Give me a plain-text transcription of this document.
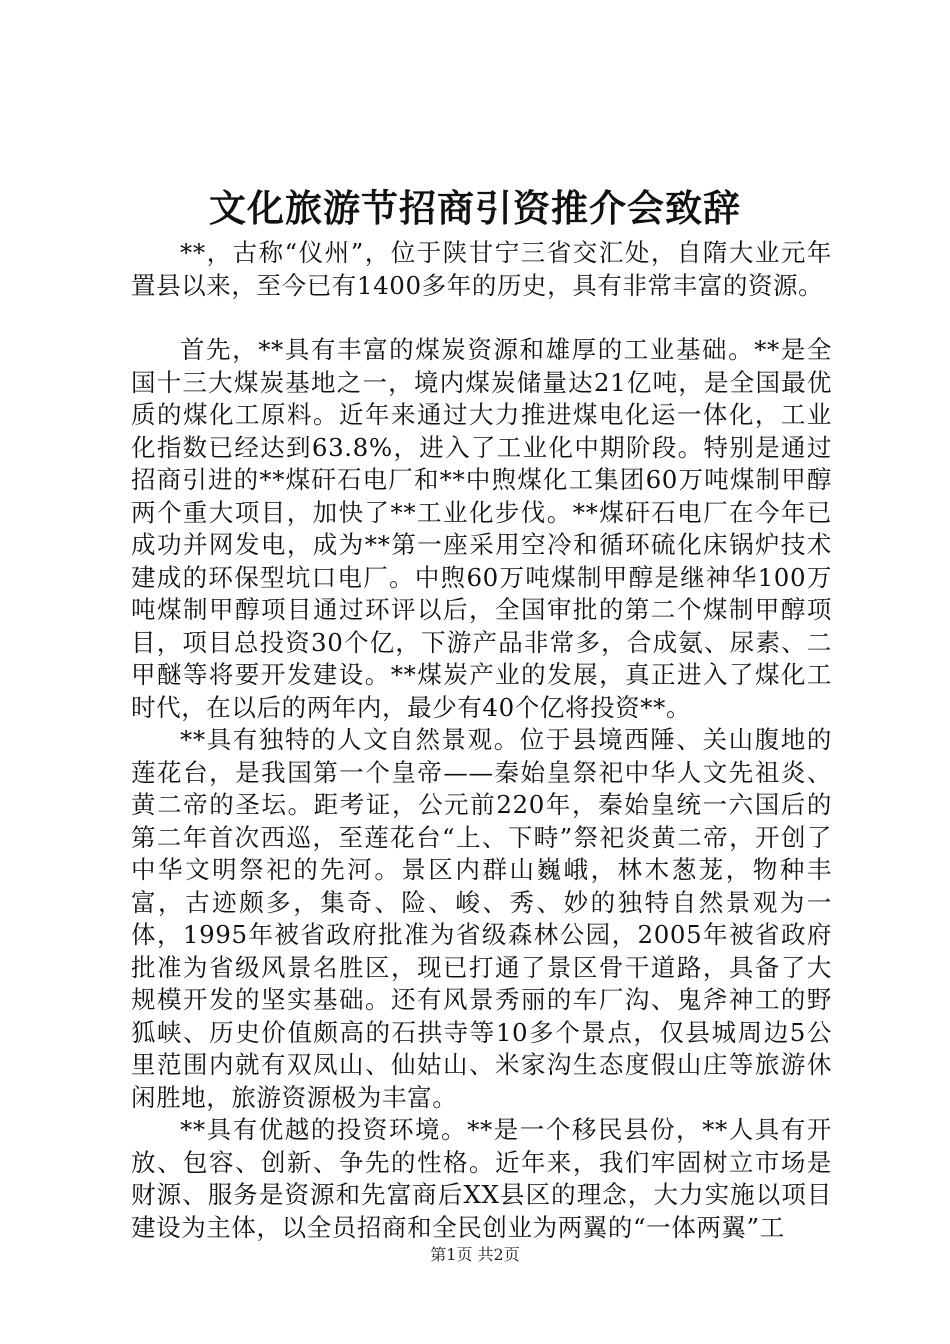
文化旅游节招商引资推介会致辞

**，古称“仪州”，位于陕甘宁三省交汇处，自隋大业元年置县以来，至今已有1400多年的历史，具有非常丰富的资源。

首先，**具有丰富的煤炭资源和雄厚的工业基础。**是全国十三大煤炭基地之一，境内煤炭储量达21亿吨，是全国最优质的煤化工原料。近年来通过大力推进煤电化运一体化，工业化指数已经达到63.8%，进入了工业化中期阶段。特别是通过招商引进的**煤矸石电厂和**中煦煤化工集团60万吨煤制甲醇两个重大项目，加快了**工业化步伐。**煤矸石电厂在今年已成功并网发电，成为**第一座采用空冷和循环硫化床锅炉技术建成的环保型坑口电厂。中煦60万吨煤制甲醇是继神华100万吨煤制甲醇项目通过环评以后，全国审批的第二个煤制甲醇项目，项目总投资30个亿，下游产品非常多，合成氨、尿素、二甲醚等将要开发建设。**煤炭产业的发展，真正进入了煤化工时代，在以后的两年内，最少有40个亿将投资**。

**具有独特的人文自然景观。位于县境西陲、关山腹地的莲花台，是我国第一个皇帝——秦始皇祭祀中华人文先祖炎、黄二帝的圣坛。距考证，公元前220年，秦始皇统一六国后的第二年首次西巡，至莲花台“上、下畤”祭祀炎黄二帝，开创了中华文明祭祀的先河。景区内群山巍峨，林木葱茏，物种丰富，古迹颇多，集奇、险、峻、秀、妙的独特自然景观为一体，1995年被省政府批准为省级森林公园，2005年被省政府批准为省级风景名胜区，现已打通了景区骨干道路，具备了大规模开发的坚实基础。还有风景秀丽的车厂沟、鬼斧神工的野狐峡、历史价值颇高的石拱寺等10多个景点，仅县城周边5公里范围内就有双凤山、仙姑山、米家沟生态度假山庄等旅游休闲胜地，旅游资源极为丰富。

**具有优越的投资环境。**是一个移民县份，**人具有开放、包容、创新、争先的性格。近年来，我们牢固树立市场是财源、服务是资源和先富商后XX县区的理念，大力实施以项目建设为主体，以全员招商和全民创业为两翼的“一体两翼”工

第1页 共2页
